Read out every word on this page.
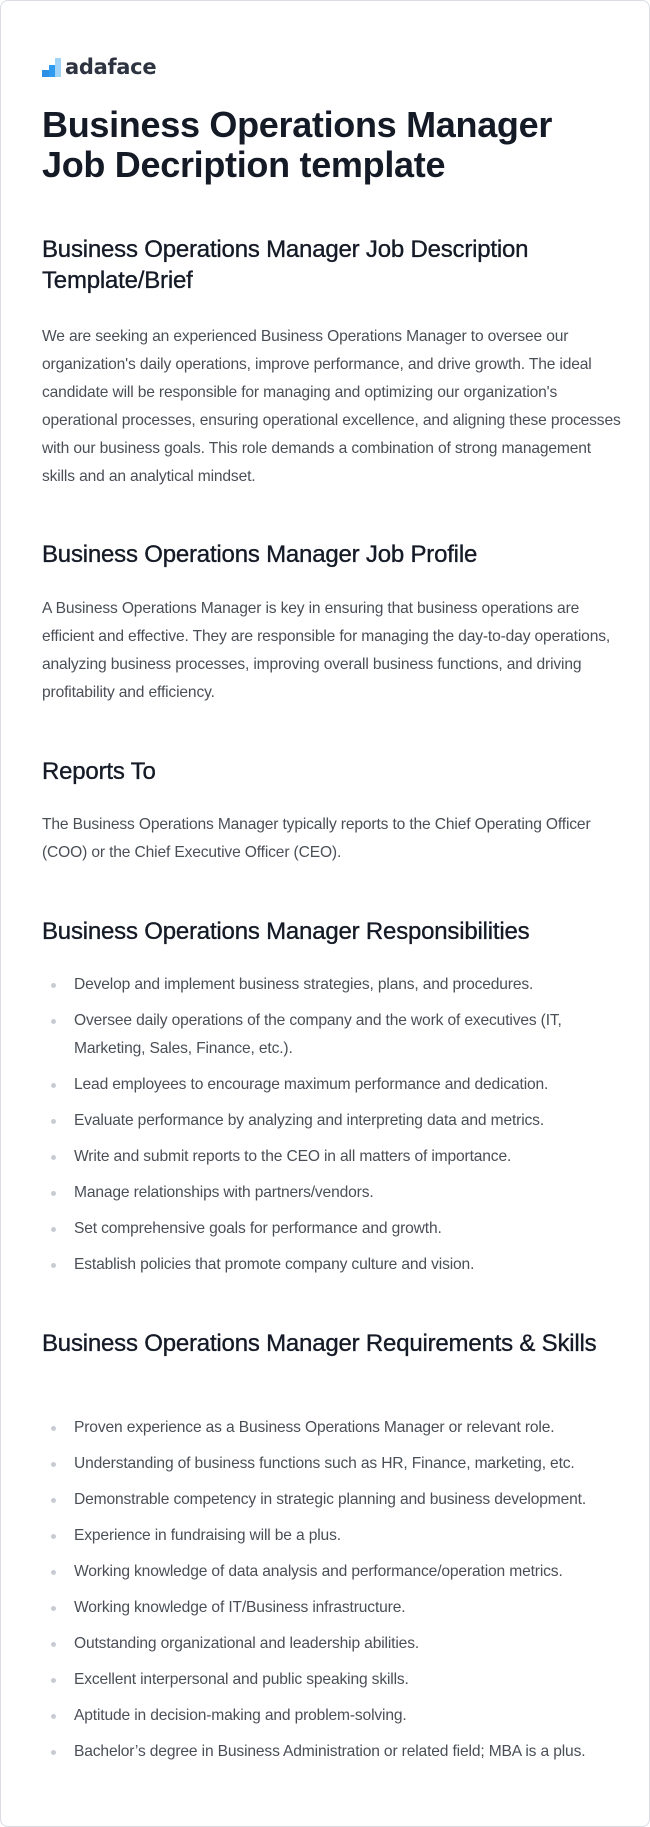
adaface
Business Operations Manager Job Decription template
Business Operations Manager Job Description Template/Brief

We are seeking an experienced Business Operations Manager to oversee our organization's daily operations, improve performance, and drive growth. The ideal candidate will be responsible for managing and optimizing our organization's operational processes, ensuring operational excellence, and aligning these processes with our business goals. This role demands a combination of strong management skills and an analytical mindset.

Business Operations Manager Job Profile

A Business Operations Manager is key in ensuring that business operations are efficient and effective. They are responsible for managing the day-to-day operations, analyzing business processes, improving overall business functions, and driving profitability and efficiency.

Reports To

The Business Operations Manager typically reports to the Chief Operating Officer (COO) or the Chief Executive Officer (CEO).

Business Operations Manager Responsibilities
Develop and implement business strategies, plans, and procedures.
Oversee daily operations of the company and the work of executives (IT, Marketing, Sales, Finance, etc.).
Lead employees to encourage maximum performance and dedication.
Evaluate performance by analyzing and interpreting data and metrics.
Write and submit reports to the CEO in all matters of importance.
Manage relationships with partners/vendors.
Set comprehensive goals for performance and growth.
Establish policies that promote company culture and vision.
Business Operations Manager Requirements & Skills
Proven experience as a Business Operations Manager or relevant role.
Understanding of business functions such as HR, Finance, marketing, etc.
Demonstrable competency in strategic planning and business development.
Experience in fundraising will be a plus.
Working knowledge of data analysis and performance/operation metrics.
Working knowledge of IT/Business infrastructure.
Outstanding organizational and leadership abilities.
Excellent interpersonal and public speaking skills.
Aptitude in decision-making and problem-solving.
Bachelor’s degree in Business Administration or related field; MBA is a plus.
